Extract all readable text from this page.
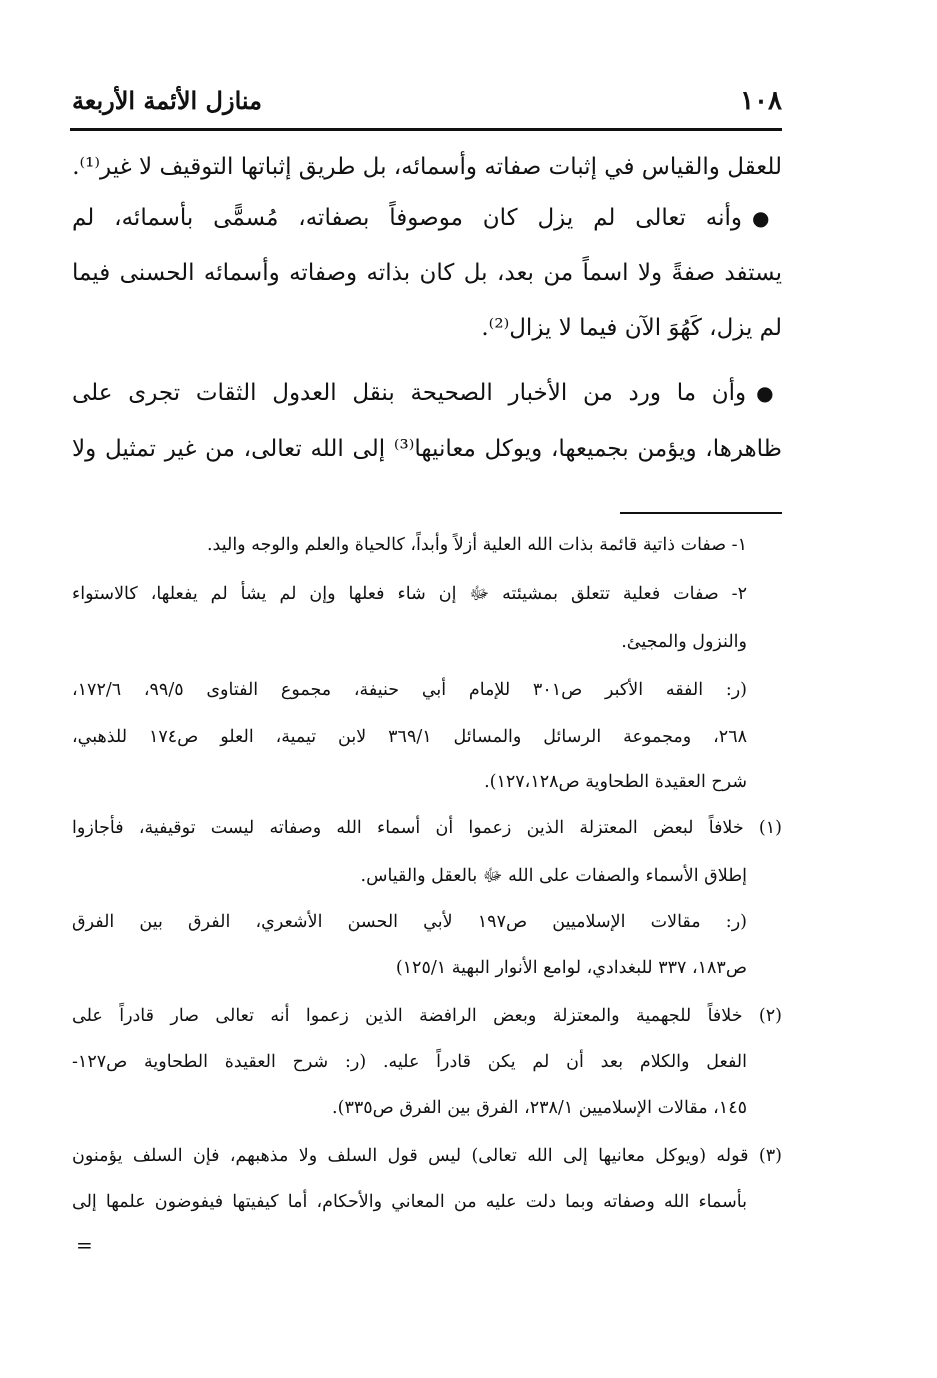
١٠٨
منازل الأئمة الأربعة
للعقل والقياس في إثبات صفاته وأسمائه، بل طريق إثباتها التوقيف لا غير⁽¹⁾.
●وأنه تعالى لم يزل كان موصوفاً بصفاته، مُسمًّى بأسمائه، لم
يستفد صفةً ولا اسماً من بعد، بل كان بذاته وصفاته وأسمائه الحسنى فيما
لم يزل، كَهُوَ الآن فيما لا يزال⁽²⁾.
●وأن ما ورد من الأخبار الصحيحة بنقل العدول الثقات تجرى على
ظاهرها، ويؤمن بجميعها، ويوكل معانيها⁽³⁾ إلى الله تعالى، من غير تمثيل ولا
١- صفات ذاتية قائمة بذات الله العلية أزلاً وأبداً، كالحياة والعلم والوجه واليد.
٢- صفات فعلية تتعلق بمشيئته ﷻ إن شاء فعلها وإن لم يشأ لم يفعلها، كالاستواء
والنزول والمجيئ.
(ر: الفقه الأكبر ص٣٠١ للإمام أبي حنيفة، مجموع الفتاوى ٩٩/٥، ١٧٢/٦،
٢٦٨، ومجموعة الرسائل والمسائل ٣٦٩/١ لابن تيمية، العلو ص١٧٤ للذهبي،
شرح العقيدة الطحاوية ص١٢٧،١٢٨).
(١) خلافاً لبعض المعتزلة الذين زعموا أن أسماء الله وصفاته ليست توقيفية، فأجازوا
إطلاق الأسماء والصفات على الله ﷻ بالعقل والقياس.
(ر: مقالات الإسلاميين ص١٩٧ لأبي الحسن الأشعري، الفرق بين الفرق
ص١٨٣، ٣٣٧ للبغدادي، لوامع الأنوار البهية ١٢٥/١)
(٢) خلافاً للجهمية والمعتزلة وبعض الرافضة الذين زعموا أنه تعالى صار قادراً على
الفعل والكلام بعد أن لم يكن قادراً عليه. (ر: شرح العقيدة الطحاوية ص١٢٧-
١٤٥، مقالات الإسلاميين ٢٣٨/١، الفرق بين الفرق ص٣٣٥).
(٣) قوله (ويوكل معانيها إلى الله تعالى) ليس قول السلف ولا مذهبهم، فإن السلف يؤمنون
بأسماء الله وصفاته وبما دلت عليه من المعاني والأحكام، أما كيفيتها فيفوضون علمها إلى
=
